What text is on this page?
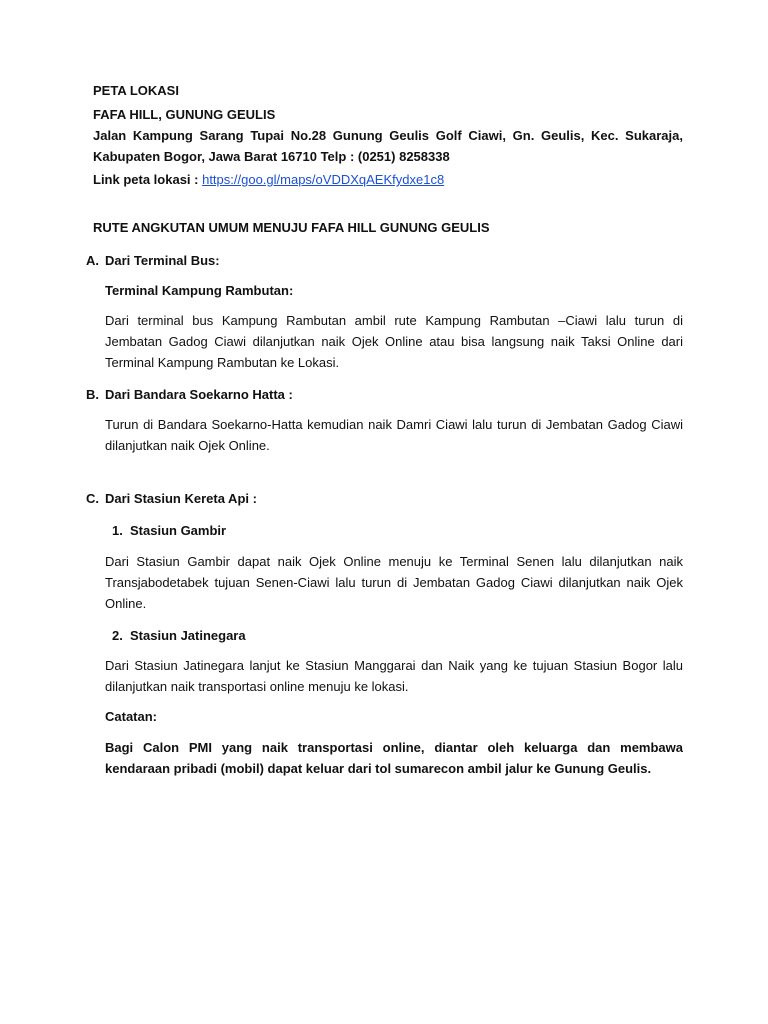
PETA LOKASI
FAFA HILL, GUNUNG GEULIS

Jalan Kampung Sarang Tupai No.28 Gunung Geulis Golf Ciawi, Gn. Geulis, Kec. Sukaraja, Kabupaten Bogor, Jawa Barat 16710 Telp : (0251) 8258338

Link peta lokasi : https://goo.gl/maps/oVDDXqAEKfydxe1c8
RUTE ANGKUTAN UMUM MENUJU FAFA HILL GUNUNG GEULIS
A. Dari Terminal Bus:
Terminal Kampung Rambutan:

Dari terminal bus Kampung Rambutan ambil rute Kampung Rambutan –Ciawi lalu turun di Jembatan Gadog Ciawi dilanjutkan naik Ojek Online atau bisa langsung naik Taksi Online dari Terminal Kampung Rambutan ke Lokasi.

B. Dari Bandara Soekarno Hatta :

Turun di Bandara Soekarno-Hatta kemudian naik Damri Ciawi lalu turun di Jembatan Gadog Ciawi dilanjutkan naik Ojek Online.

C. Dari Stasiun Kereta Api :
1. Stasiun Gambir

Dari Stasiun Gambir dapat naik Ojek Online menuju ke Terminal Senen lalu dilanjutkan naik Transjabodetabek tujuan Senen-Ciawi lalu turun di Jembatan Gadog Ciawi dilanjutkan naik Ojek Online.

2. Stasiun Jatinegara

Dari Stasiun Jatinegara lanjut ke Stasiun Manggarai dan Naik yang ke tujuan Stasiun Bogor lalu dilanjutkan naik transportasi online menuju ke lokasi.

Catatan:

Bagi Calon PMI yang naik transportasi online, diantar oleh keluarga dan membawa kendaraan pribadi (mobil) dapat keluar dari tol sumarecon ambil jalur ke Gunung Geulis.
